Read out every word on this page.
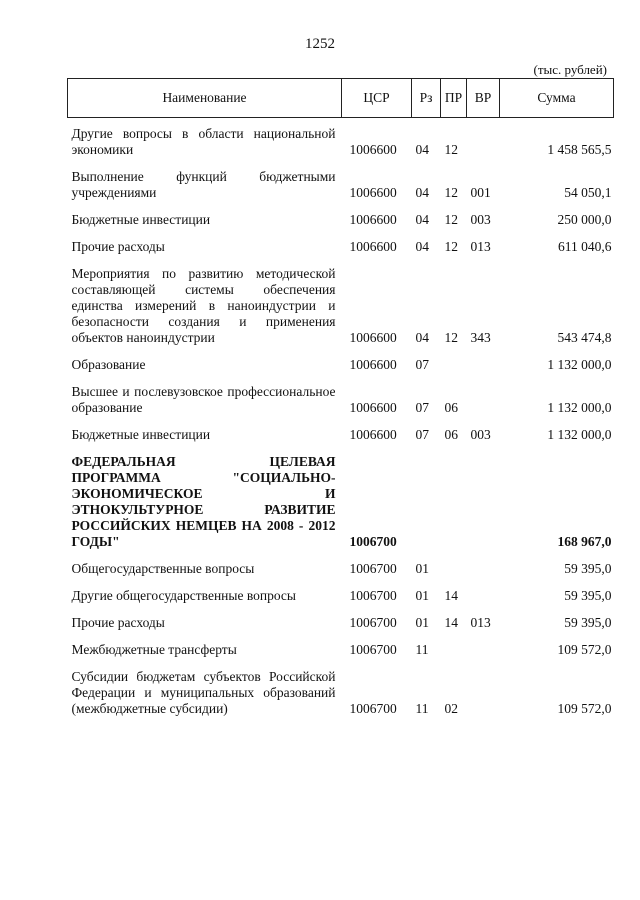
1252
(тыс. рублей)
Наименование	ЦСР	Рз	ПР	ВР	Сумма
Другие вопросы в области национальной экономики	1006600	04	12		1 458 565,5
Выполнение функций бюджетными учреждениями	1006600	04	12	001	54 050,1
Бюджетные инвестиции	1006600	04	12	003	250 000,0
Прочие расходы	1006600	04	12	013	611 040,6
Мероприятия по развитию методической составляющей системы обеспечения единства измерений в наноиндустрии и безопасности создания и применения объектов наноиндустрии	1006600	04	12	343	543 474,8
Образование	1006600	07			1 132 000,0
Высшее и послевузовское профессиональное образование	1006600	07	06		1 132 000,0
Бюджетные инвестиции	1006600	07	06	003	1 132 000,0
ФЕДЕРАЛЬНАЯ ЦЕЛЕВАЯ ПРОГРАММА "СОЦИАЛЬНО-ЭКОНОМИЧЕСКОЕ И ЭТНОКУЛЬТУРНОЕ РАЗВИТИЕ РОССИЙСКИХ НЕМЦЕВ НА 2008 - 2012 ГОДЫ"	1006700				168 967,0
Общегосударственные вопросы	1006700	01			59 395,0
Другие общегосударственные вопросы	1006700	01	14		59 395,0
Прочие расходы	1006700	01	14	013	59 395,0
Межбюджетные трансферты	1006700	11			109 572,0
Субсидии бюджетам субъектов Российской Федерации и муниципальных образований (межбюджетные субсидии)	1006700	11	02		109 572,0
